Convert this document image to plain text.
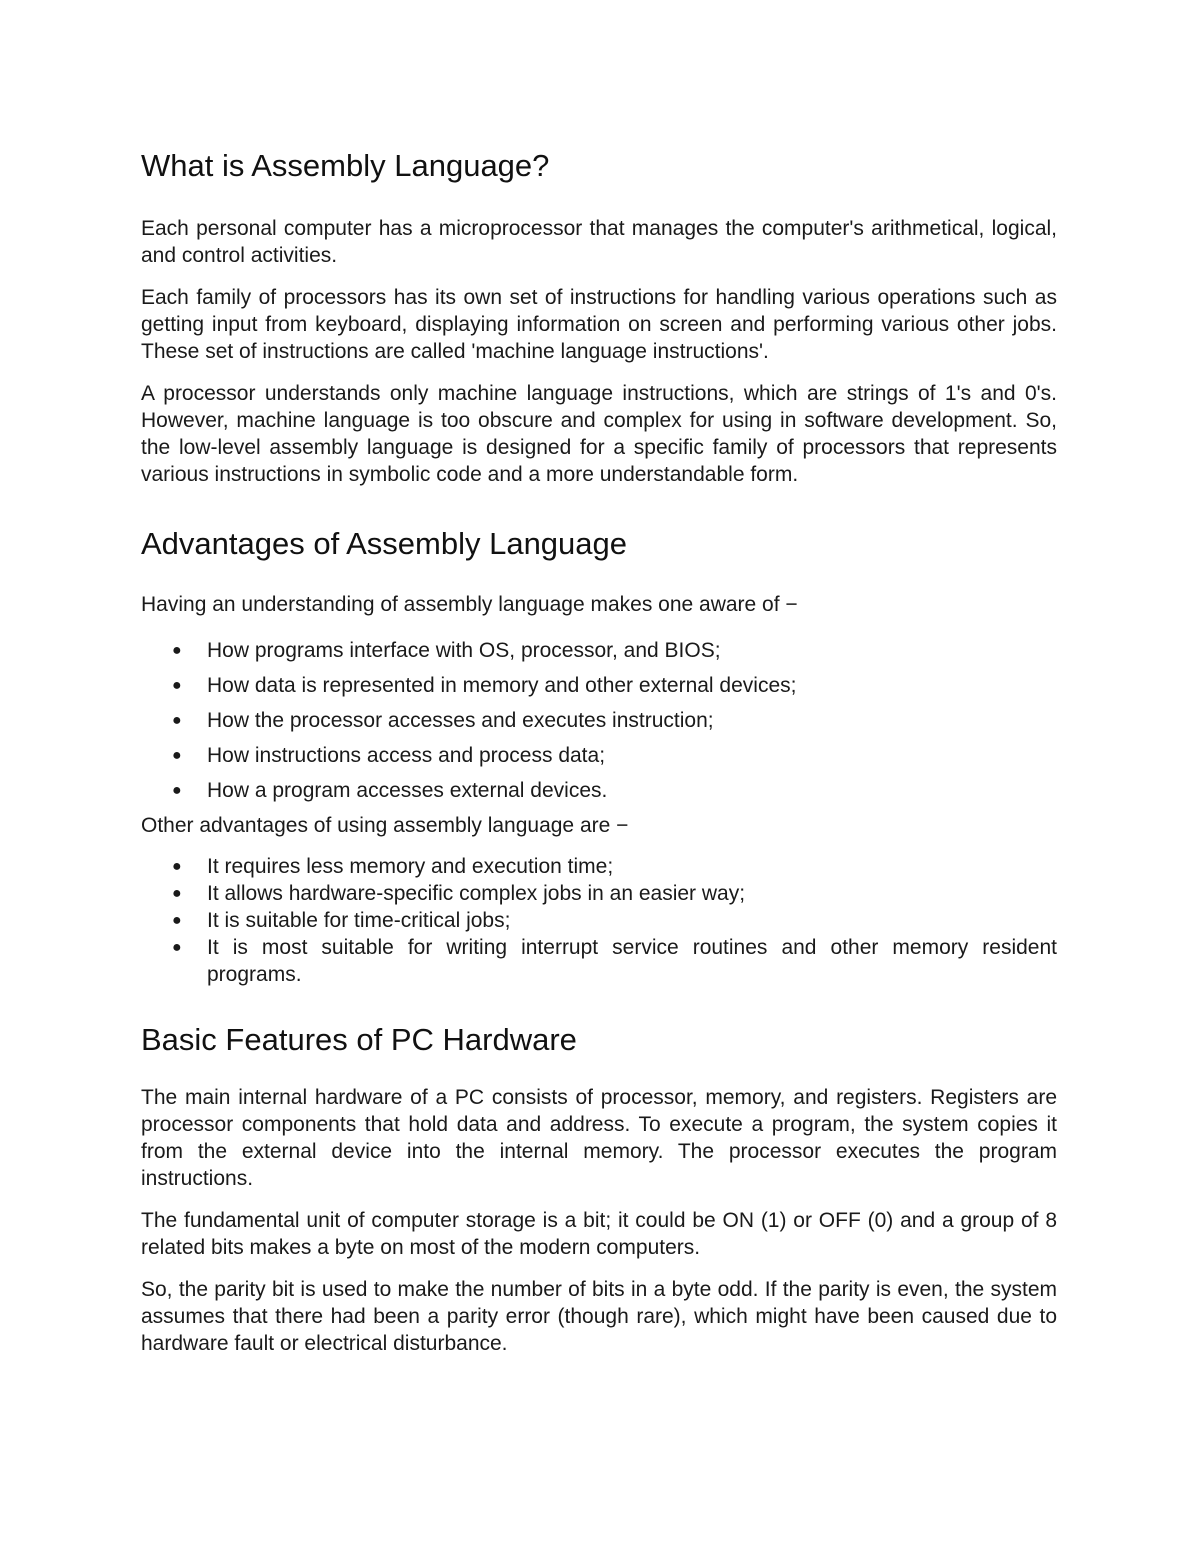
What is Assembly Language?

Each personal computer has a microprocessor that manages the computer's arithmetical, logical, and control activities.

Each family of processors has its own set of instructions for handling various operations such as getting input from keyboard, displaying information on screen and performing various other jobs. These set of instructions are called 'machine language instructions'.

A processor understands only machine language instructions, which are strings of 1's and 0's. However, machine language is too obscure and complex for using in software development. So, the low-level assembly language is designed for a specific family of processors that represents various instructions in symbolic code and a more understandable form.

Advantages of Assembly Language

Having an understanding of assembly language makes one aware of −

● How programs interface with OS, processor, and BIOS;
● How data is represented in memory and other external devices;
● How the processor accesses and executes instruction;
● How instructions access and process data;
● How a program accesses external devices.

Other advantages of using assembly language are −

● It requires less memory and execution time;
● It allows hardware-specific complex jobs in an easier way;
● It is suitable for time-critical jobs;
● It is most suitable for writing interrupt service routines and other memory resident programs.
Basic Features of PC Hardware

The main internal hardware of a PC consists of processor, memory, and registers. Registers are processor components that hold data and address. To execute a program, the system copies it from the external device into the internal memory. The processor executes the program instructions.

The fundamental unit of computer storage is a bit; it could be ON (1) or OFF (0) and a group of 8 related bits makes a byte on most of the modern computers.

So, the parity bit is used to make the number of bits in a byte odd. If the parity is even, the system assumes that there had been a parity error (though rare), which might have been caused due to hardware fault or electrical disturbance.
